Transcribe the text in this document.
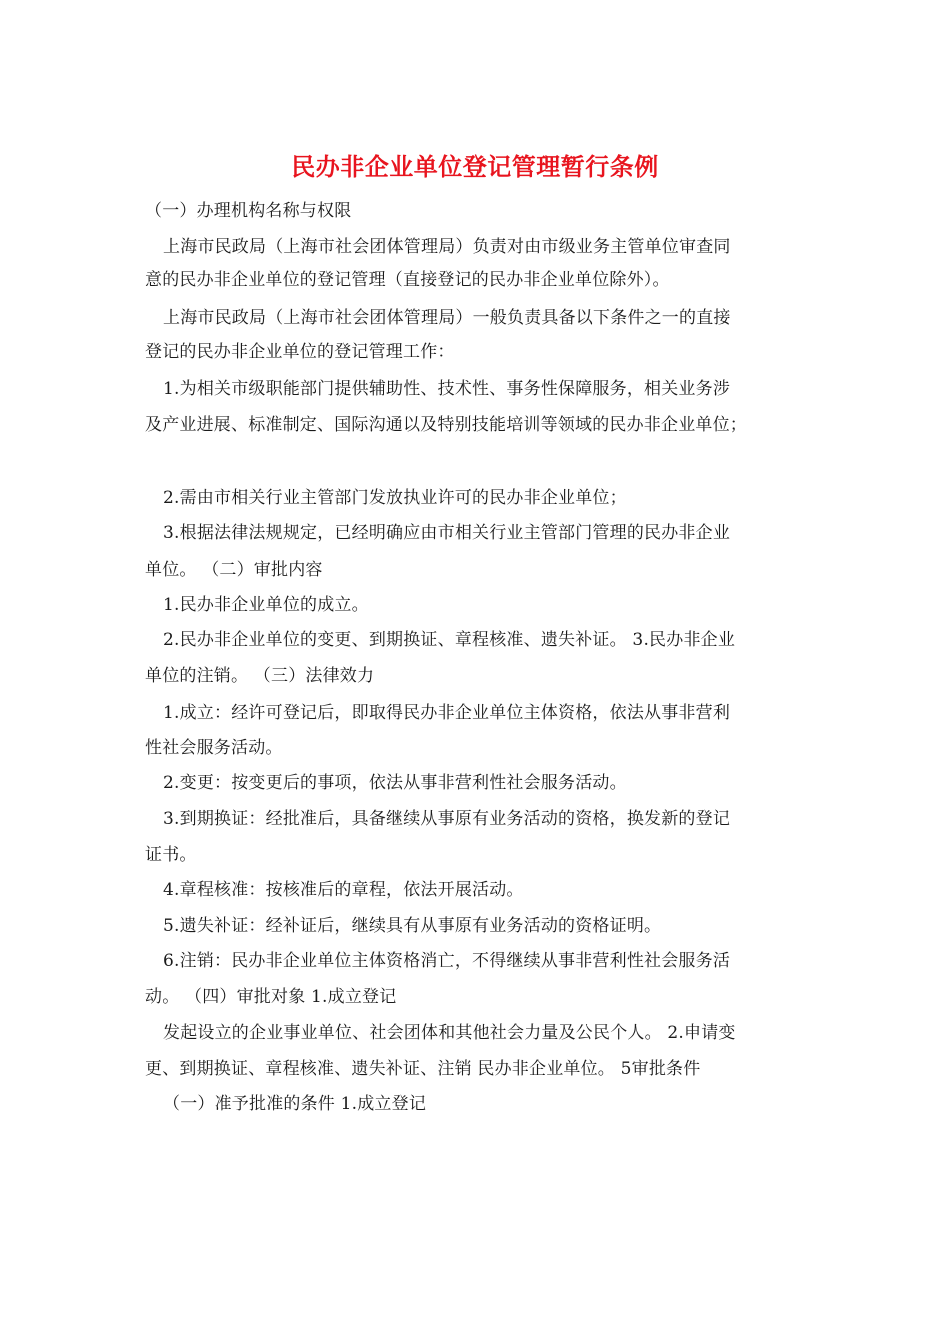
民办非企业单位登记管理暂行条例
（一）办理机构名称与权限
上海市民政局（上海市社会团体管理局）负责对由市级业务主管单位审查同
意的民办非企业单位的登记管理（直接登记的民办非企业单位除外）。
上海市民政局（上海市社会团体管理局）一般负责具备以下条件之一的直接
登记的民办非企业单位的登记管理工作：
1.为相关市级职能部门提供辅助性、技术性、事务性保障服务，相关业务涉
及产业进展、标准制定、国际沟通以及特别技能培训等领域的民办非企业单位；
2.需由市相关行业主管部门发放执业许可的民办非企业单位；
3.根据法律法规规定，已经明确应由市相关行业主管部门管理的民办非企业
单位。 （二）审批内容
1.民办非企业单位的成立。
2.民办非企业单位的变更、到期换证、章程核准、遗失补证。 3.民办非企业
单位的注销。 （三）法律效力
1.成立：经许可登记后，即取得民办非企业单位主体资格，依法从事非营利
性社会服务活动。
2.变更：按变更后的事项，依法从事非营利性社会服务活动。
3.到期换证：经批准后，具备继续从事原有业务活动的资格，换发新的登记
证书。
4.章程核准：按核准后的章程，依法开展活动。
5.遗失补证：经补证后，继续具有从事原有业务活动的资格证明。
6.注销：民办非企业单位主体资格消亡，不得继续从事非营利性社会服务活
动。 （四）审批对象 1.成立登记
发起设立的企业事业单位、社会团体和其他社会力量及公民个人。 2.申请变
更、到期换证、章程核准、遗失补证、注销 民办非企业单位。 5审批条件
（一）准予批准的条件 1.成立登记
